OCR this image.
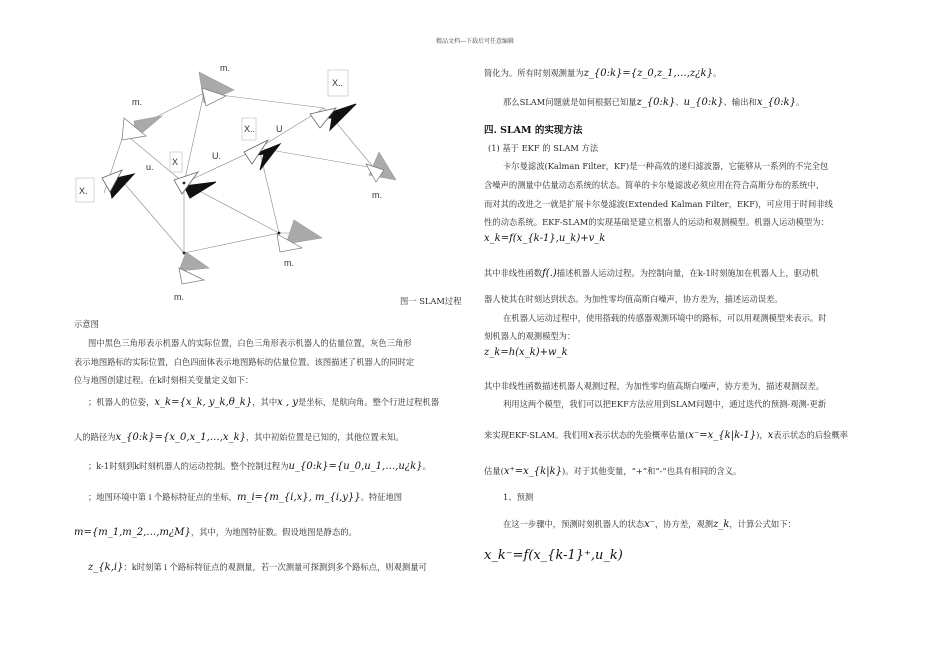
精品文档---下载后可任意编辑
m.
m.
m.
m.
m.
X.
X
X..
X..
u.
U.
U
图一 SLAM过程
示意图
图中黑色三角形表示机器人的实际位置，白色三角形表示机器人的估量位置，灰色三角形
表示地图路标的实际位置，白色四面体表示地图路标的估量位置。该图描述了机器人的同时定
位与地图创建过程。在k时刻相关变量定义如下：
；机器人的位姿，x_k={x_k, y_k,θ_k}，其中x , y是坐标，是航向角。整个行进过程机器
人的路径为x_{0:k}={x_0,x_1,…,x_k}，其中初始位置是已知的，其他位置未知。
；k-1时刻到k时刻机器人的运动控制。整个控制过程为u_{0:k}={u_0,u_1,…,u¿k}。
；地图环境中第 i 个路标特征点的坐标，m_i={m_{i,x}, m_{i,y}}。特征地图
m={m_1,m_2,…,m¿M}，其中，为地图特征数。假设地图是静态的。
z_{k,i}：k时刻第 i 个路标特征点的观测量，若一次测量可探测到多个路标点，则观测量可
简化为。所有时刻观测量为z_{0:k}={z_0,z_1,…,z¿k}。
那么SLAM问题就是如何根据已知量z_{0:k}、u_{0:k}、输出和x_{0:k}。
四. SLAM 的实现方法
(1) 基于 EKF 的 SLAM 方法
卡尔曼滤波(Kalman Filter，KF)是一种高效的递归滤波器，它能够从一系列的不完全包
含噪声的测量中估量动态系统的状态。简单的卡尔曼滤波必须应用在符合高斯分布的系统中，
而对其的改进之一就是扩展卡尔曼滤波(Extended Kalman Filter，EKF)，可应用于时间非线
性的动态系统。EKF-SLAM的实现基础是建立机器人的运动和观测模型。机器人运动模型为：
x_k=f(x_{k-1},u_k)+v_k
其中非线性函数f(.)描述机器人运动过程。为控制向量，在k-1时刻施加在机器人上，驱动机
器人使其在时刻达到状态。为加性零均值高斯白噪声，协方差为，描述运动误差。
在机器人运动过程中，使用搭载的传感器观测环境中的路标，可以用观测模型来表示。时
刻机器人的观测模型为：
z_k=h(x_k)+w_k
其中非线性函数描述机器人观测过程，为加性零均值高斯白噪声，协方差为，描述观测误差。
利用这两个模型，我们可以把EKF方法应用到SLAM问题中，通过迭代的预测-观测-更新
来实现EKF-SLAM。我们用x表示状态的先验概率估量(x⁻=x_{k|k-1})，x表示状态的后验概率
估量(x⁺=x_{k|k})。对于其他变量，“+”和“-”也具有相同的含义。
1、预测
在这一步骤中，预测时刻机器人的状态x⁻，协方差，观测z_k，计算公式如下：
x_k⁻=f(x_{k-1}⁺,u_k)
